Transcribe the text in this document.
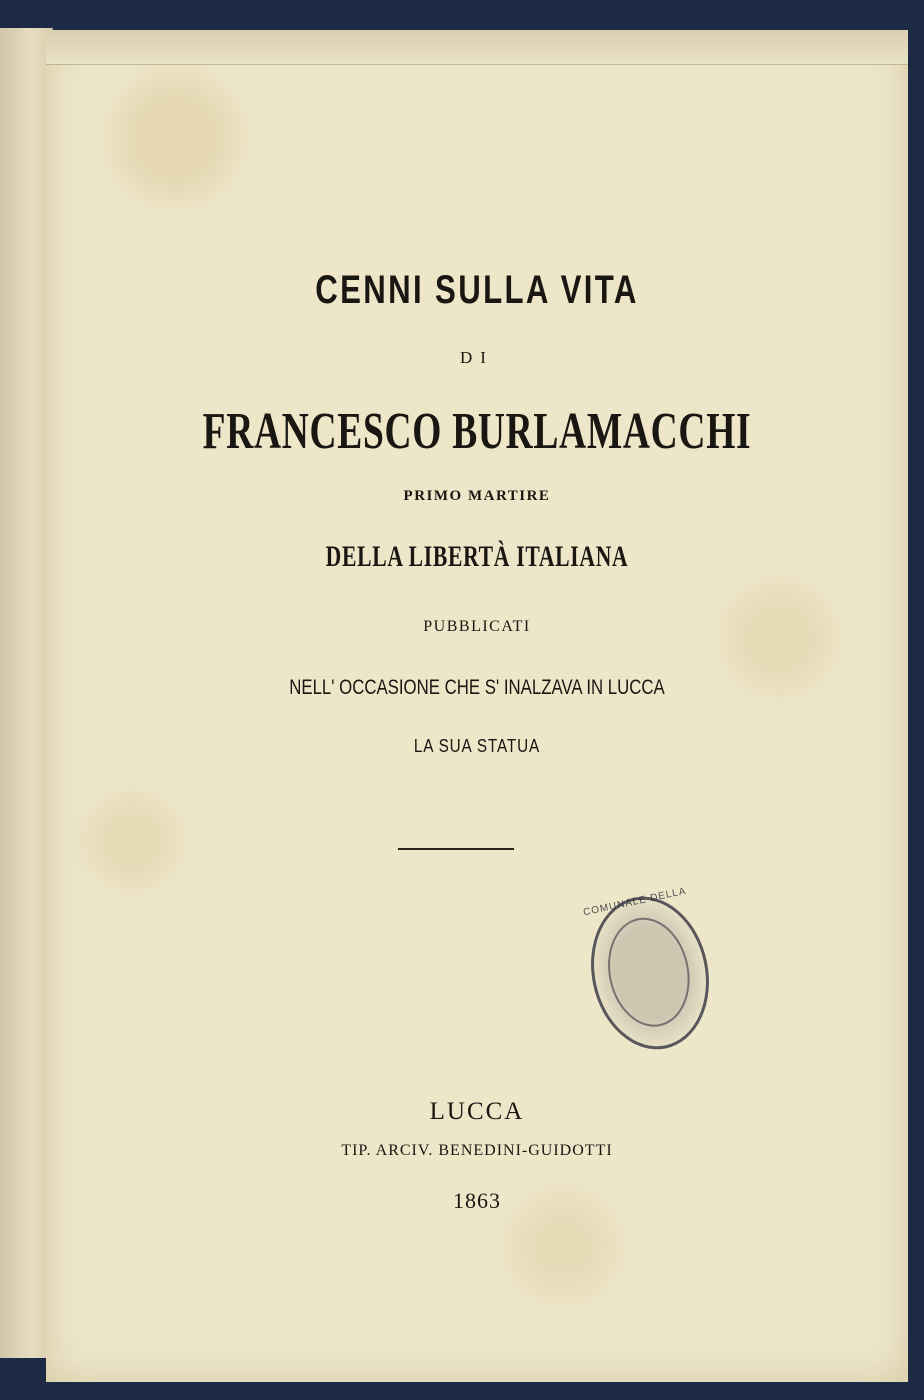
CENNI SULLA VITA
DI
FRANCESCO BURLAMACCHI
PRIMO MARTIRE
DELLA LIBERTÀ ITALIANA
PUBBLICATI
NELL' OCCASIONE CHE S' INALZAVA IN LUCCA
LA SUA STATUA
COMUNALE DELLA
LUCCA
TIP. ARCIV. BENEDINI-GUIDOTTI
1863
